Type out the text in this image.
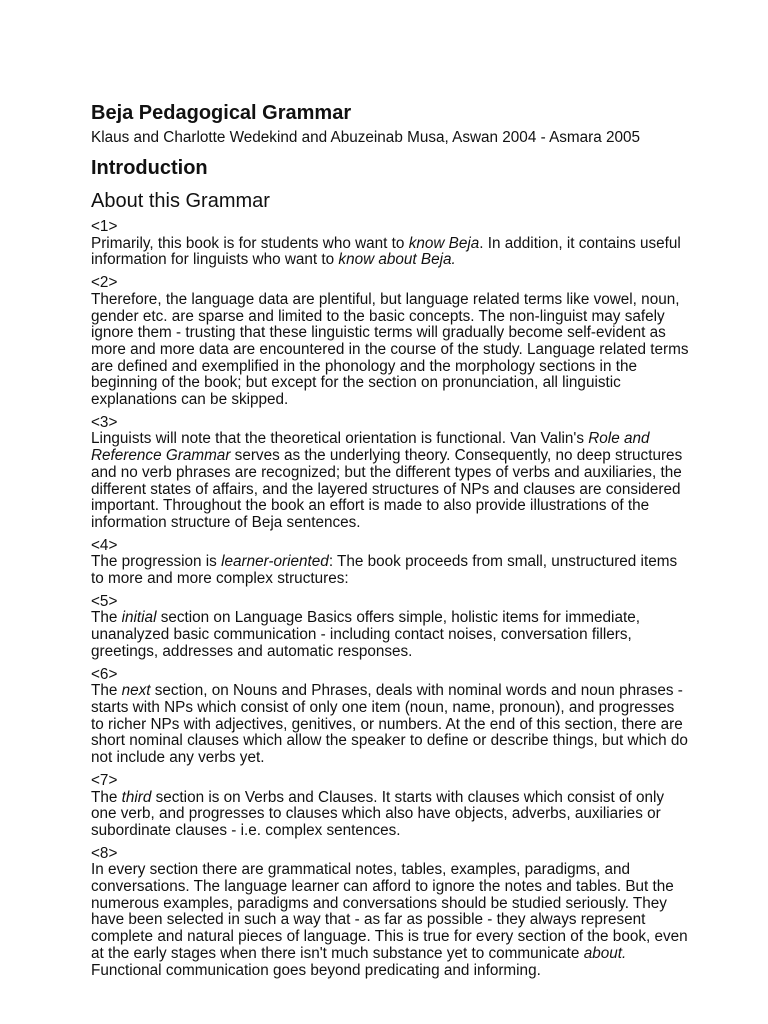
Beja Pedagogical Grammar

Klaus and Charlotte Wedekind and Abuzeinab Musa, Aswan 2004 - Asmara 2005

Introduction
About this Grammar

<1>

Primarily, this book is for students who want to know Beja. In addition, it contains useful information for linguists who want to know about Beja.

<2>

Therefore, the language data are plentiful, but language related terms like vowel, noun, gender etc. are sparse and limited to the basic concepts. The non-linguist may safely ignore them - trusting that these linguistic terms will gradually become self-evident as more and more data are encountered in the course of the study. Language related terms are defined and exemplified in the phonology and the morphology sections in the beginning of the book; but except for the section on pronunciation, all linguistic explanations can be skipped.

<3>

Linguists will note that the theoretical orientation is functional. Van Valin's Role and Reference Grammar serves as the underlying theory. Consequently, no deep structures and no verb phrases are recognized; but the different types of verbs and auxiliaries, the different states of affairs, and the layered structures of NPs and clauses are considered important. Throughout the book an effort is made to also provide illustrations of the information structure of Beja sentences.

<4>

The progression is learner-oriented: The book proceeds from small, unstructured items to more and more complex structures:

<5>

The initial section on Language Basics offers simple, holistic items for immediate, unanalyzed basic communication - including contact noises, conversation fillers, greetings, addresses and automatic responses.

<6>

The next section, on Nouns and Phrases, deals with nominal words and noun phrases - starts with NPs which consist of only one item (noun, name, pronoun), and progresses to richer NPs with adjectives, genitives, or numbers. At the end of this section, there are short nominal clauses which allow the speaker to define or describe things, but which do not include any verbs yet.

<7>

The third section is on Verbs and Clauses. It starts with clauses which consist of only one verb, and progresses to clauses which also have objects, adverbs, auxiliaries or subordinate clauses - i.e. complex sentences.

<8>

In every section there are grammatical notes, tables, examples, paradigms, and conversations. The language learner can afford to ignore the notes and tables. But the numerous examples, paradigms and conversations should be studied seriously. They have been selected in such a way that - as far as possible - they always represent complete and natural pieces of language. This is true for every section of the book, even at the early stages when there isn't much substance yet to communicate about. Functional communication goes beyond predicating and informing.
